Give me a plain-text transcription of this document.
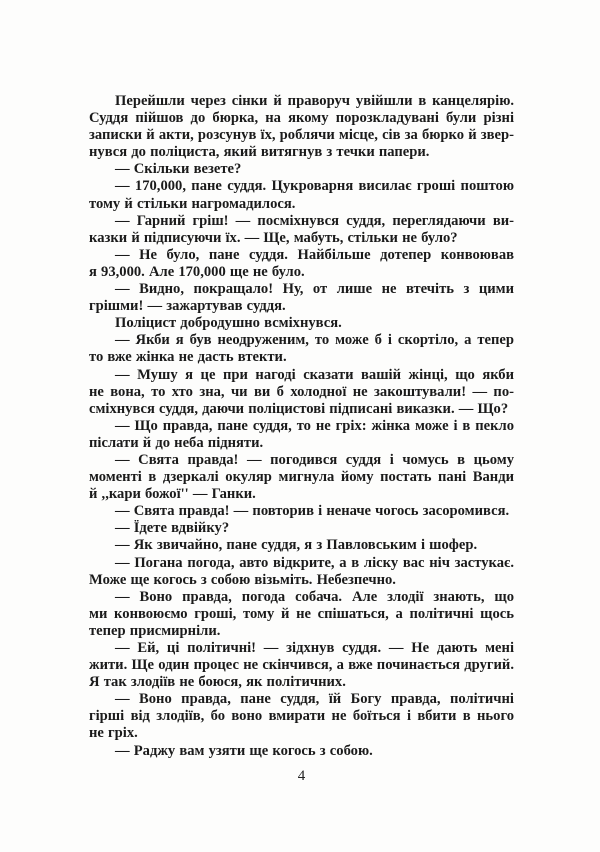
Перейшли через сінки й праворуч увійшли в канцелярію.
Суддя пійшов до бюрка, на якому порозкладувані були різні
записки й акти, розсунув їх, роблячи місце, сів за бюрко й звер-
нувся до поліциста, який витягнув з течки папери.
— Скільки везете?
— 170,000, пане суддя. Цукроварня висилає гроші поштою
тому й стільки нагромадилося.
— Гарний гріш! — посміхнувся суддя, переглядаючи ви-
казки й підписуючи їх. — Ще, мабуть, стільки не було?
— Не було, пане суддя. Найбільше дотепер конвоював
я 93,000. Але 170,000 ще не було.
— Видно, покращало! Ну, от лише не втечіть з цими
грішми! — зажартував суддя.
Поліцист добродушно всміхнувся.
— Якби я був неодруженим, то може б і скортіло, а тепер
то вже жінка не дасть втекти.
— Мушу я це при нагоді сказати вашій жінці, що якби
не вона, то хто зна, чи ви б холодної не закоштували! — по-
сміхнувся суддя, даючи поліцистові підписані виказки. — Що?
— Що правда, пане суддя, то не гріх: жінка може і в пекло
післати й до неба підняти.
— Свята правда! — погодився суддя і чомусь в цьому
моменті в дзеркалі окуляр мигнула йому постать пані Ванди
й ,,кари божої'' — Ганки.
— Свята правда! — повторив і неначе чогось засоромився.
— Їдете вдвійку?
— Як звичайно, пане суддя, я з Павловським і шофер.
— Погана погода, авто відкрите, а в ліску вас ніч застукає.
Може ще когось з собою візьміть. Небезпечно.
— Воно правда, погода собача. Але злодії знають, що
ми конвоюємо гроші, тому й не спішаться, а політичні щось
тепер присмирніли.
— Ей, ці політичні! — зідхнув суддя. — Не дають мені
жити. Ще один процес не скінчився, а вже починається другий.
Я так злодіїв не боюся, як політичних.
— Воно правда, пане суддя, їй Богу правда, політичні
гірші від злодіїв, бо воно вмирати не боїться і вбити в нього
не гріх.
— Раджу вам узяти ще когось з собою.
4
